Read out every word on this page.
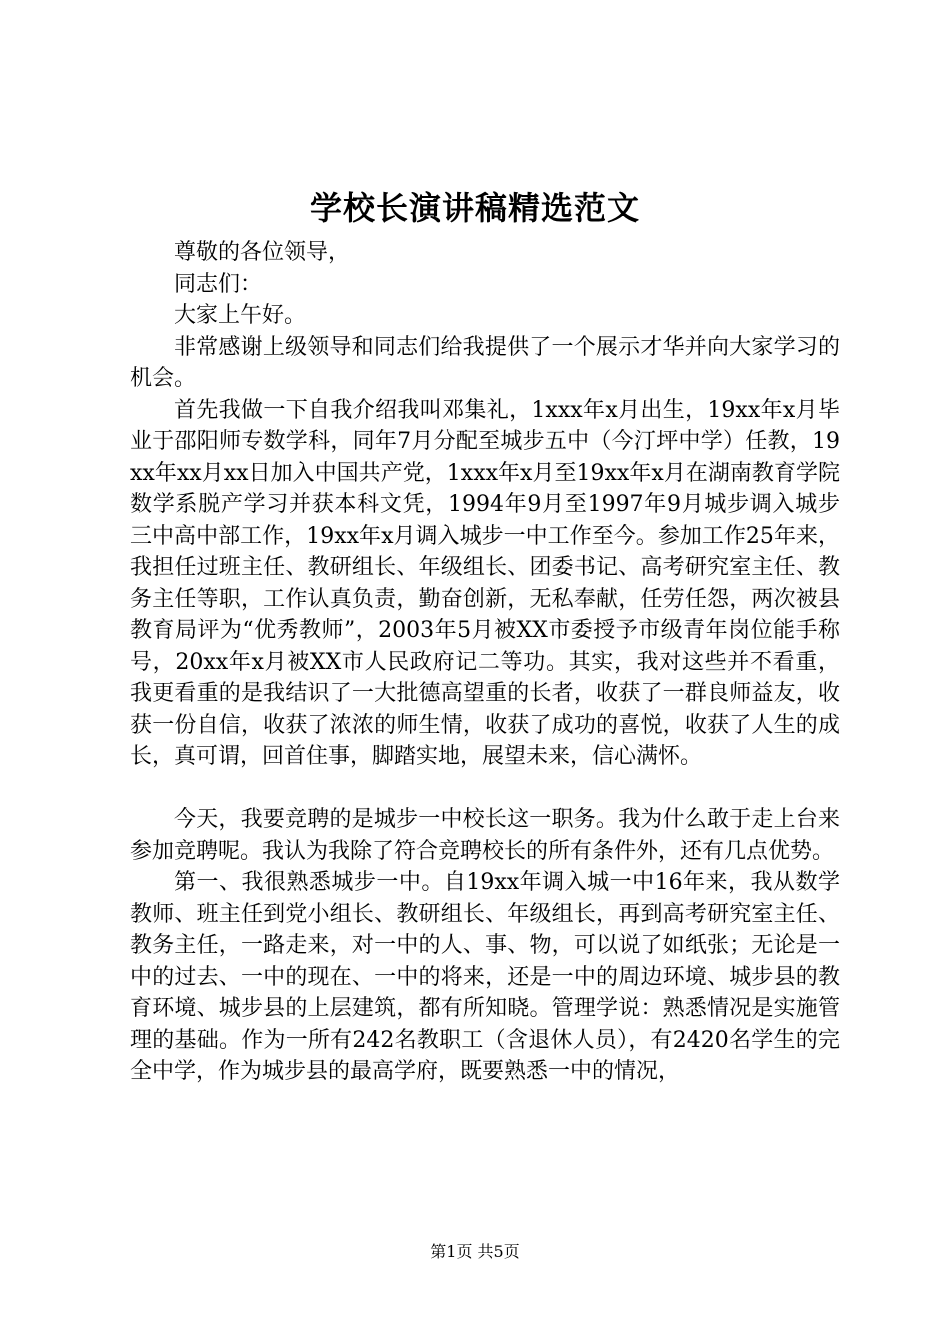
学校长演讲稿精选范文

尊敬的各位领导，

同志们：

大家上午好。

非常感谢上级领导和同志们给我提供了一个展示才华并向大家学习的机会。

首先我做一下自我介绍我叫邓集礼，1xxx年x月出生，19xx年x月毕业于邵阳师专数学科，同年7月分配至城步五中（今汀坪中学）任教，19xx年xx月xx日加入中国共产党，1xxx年x月至19xx年x月在湖南教育学院数学系脱产学习并获本科文凭，1994年9月至1997年9月城步调入城步三中高中部工作，19xx年x月调入城步一中工作至今。参加工作25年来，我担任过班主任、教研组长、年级组长、团委书记、高考研究室主任、教务主任等职，工作认真负责，勤奋创新，无私奉献，任劳任怨，两次被县教育局评为“优秀教师”，2003年5月被XX市委授予市级青年岗位能手称号，20xx年x月被XX市人民政府记二等功。其实，我对这些并不看重，我更看重的是我结识了一大批德高望重的长者，收获了一群良师益友，收获一份自信，收获了浓浓的师生情，收获了成功的喜悦，收获了人生的成长，真可谓，回首住事，脚踏实地，展望未来，信心满怀。

今天，我要竞聘的是城步一中校长这一职务。我为什么敢于走上台来参加竞聘呢。我认为我除了符合竞聘校长的所有条件外，还有几点优势。

第一、我很熟悉城步一中。自19xx年调入城一中16年来，我从数学教师、班主任到党小组长、教研组长、年级组长，再到高考研究室主任、教务主任，一路走来，对一中的人、事、物，可以说了如纸张；无论是一中的过去、一中的现在、一中的将来，还是一中的周边环境、城步县的教育环境、城步县的上层建筑，都有所知晓。管理学说：熟悉情况是实施管理的基础。作为一所有242名教职工（含退休人员），有2420名学生的完全中学，作为城步县的最高学府，既要熟悉一中的情况，

第1页 共5页
